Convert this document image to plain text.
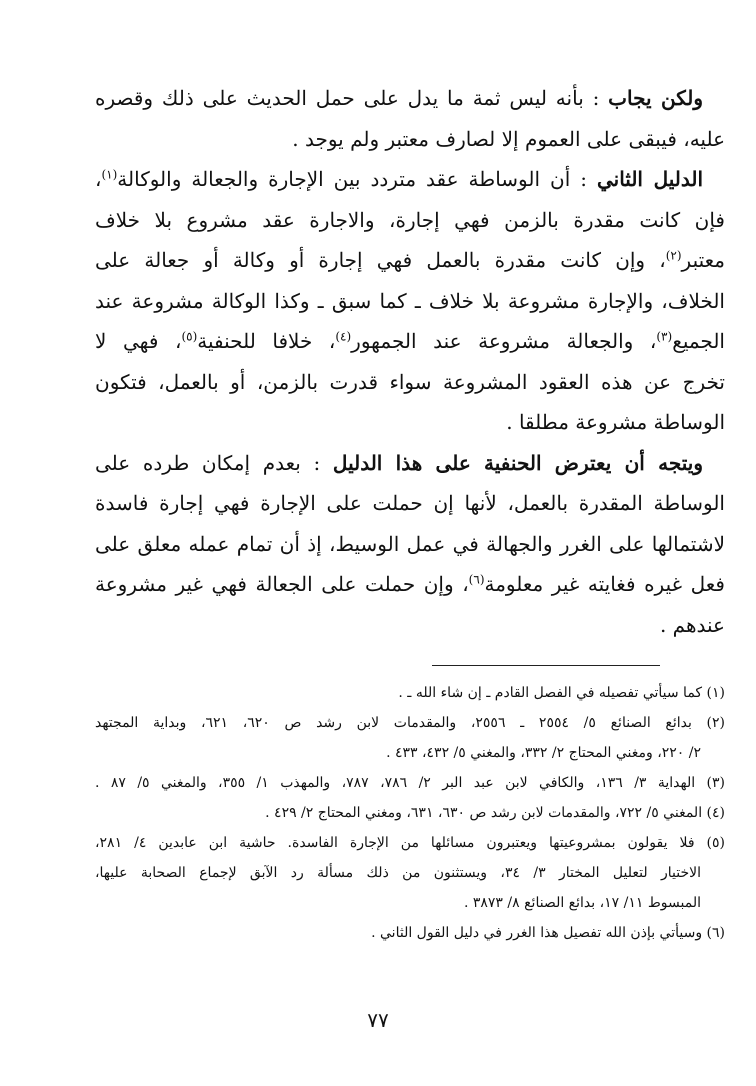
ولكن يجاب : بأنه ليس ثمة ما يدل على حمل الحديث على ذلك وقصره
عليه، فيبقى على العموم إلا لصارف معتبر ولم يوجد .
الدليل الثاني : أن الوساطة عقد متردد بين الإجارة والجعالة والوكالة$^{(١)}$،
فإن كانت مقدرة بالزمن فهي إجارة، والاجارة عقد مشروع بلا خلاف
معتبر$^{(٢)}$، وإن كانت مقدرة بالعمل فهي إجارة أو وكالة أو جعالة على
الخلاف، والإجارة مشروعة بلا خلاف ـ كما سبق ـ وكذا الوكالة مشروعة عند
الجميع$^{(٣)}$، والجعالة مشروعة عند الجمهور$^{(٤)}$، خلافا للحنفية$^{(٥)}$، فهي لا
تخرج عن هذه العقود المشروعة سواء قدرت بالزمن، أو بالعمل، فتكون
الوساطة مشروعة مطلقا .
ويتجه أن يعترض الحنفية على هذا الدليل : بعدم إمكان طرده على
الوساطة المقدرة بالعمل، لأنها إن حملت على الإجارة فهي إجارة فاسدة
لاشتمالها على الغرر والجهالة في عمل الوسيط، إذ أن تمام عمله معلق على
فعل غيره فغايته غير معلومة$^{(٦)}$، وإن حملت على الجعالة فهي غير مشروعة
عندهم .
(١) كما سيأتي تفصيله في الفصل القادم ـ إن شاء الله ـ .
(٢) بدائع الصنائع ٥/ ٢٥٥٤ ـ ٢٥٥٦، والمقدمات لابن رشد ص ٦٢٠، ٦٢١، وبداية المجتهد
٢/ ٢٢٠، ومغني المحتاج ٢/ ٣٣٢، والمغني ٥/ ٤٣٢، ٤٣٣ .
(٣) الهداية ٣/ ١٣٦، والكافي لابن عبد البر ٢/ ٧٨٦، ٧٨٧، والمهذب ١/ ٣٥٥، والمغني ٥/ ٨٧ .
(٤) المغني ٥/ ٧٢٢، والمقدمات لابن رشد ص ٦٣٠، ٦٣١، ومغني المحتاج ٢/ ٤٢٩ .
(٥) فلا يقولون بمشروعيتها ويعتبرون مسائلها من الإجارة الفاسدة. حاشية ابن عابدين ٤/ ٢٨١،
الاختيار لتعليل المختار ٣/ ٣٤، ويستثنون من ذلك مسألة رد الآبق لإجماع الصحابة عليها،
المبسوط ١١/ ١٧، بدائع الصنائع ٨/ ٣٨٧٣ .
(٦) وسيأتي بإذن الله تفصيل هذا الغرر في دليل القول الثاني .
٧٧
